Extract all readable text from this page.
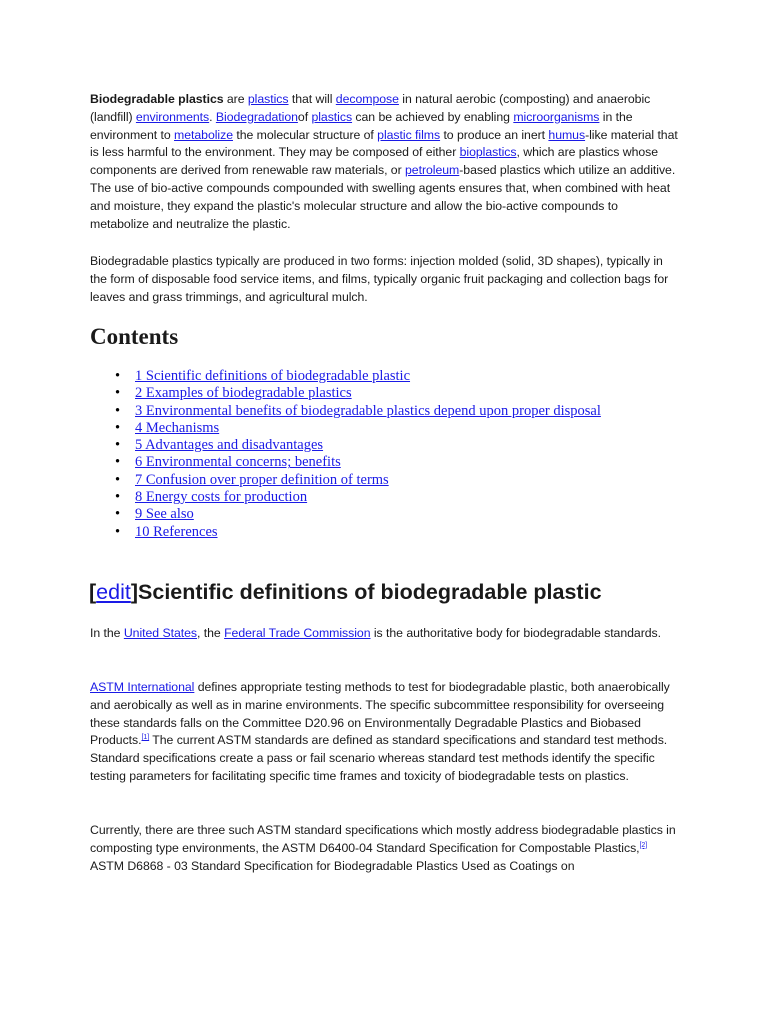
Biodegradable plastics are plastics that will decompose in natural aerobic (composting) and anaerobic (landfill) environments. Biodegradationof plastics can be achieved by enabling microorganisms in the environment to metabolize the molecular structure of plastic films to produce an inert humus-like material that is less harmful to the environment. They may be composed of either bioplastics, which are plastics whose components are derived from renewable raw materials, or petroleum-based plastics which utilize an additive. The use of bio-active compounds compounded with swelling agents ensures that, when combined with heat and moisture, they expand the plastic's molecular structure and allow the bio-active compounds to metabolize and neutralize the plastic.

Biodegradable plastics typically are produced in two forms: injection molded (solid, 3D shapes), typically in the form of disposable food service items, and films, typically organic fruit packaging and collection bags for leaves and grass trimmings, and agricultural mulch.

Contents
• 1 Scientific definitions of biodegradable plastic
• 2 Examples of biodegradable plastics
• 3 Environmental benefits of biodegradable plastics depend upon proper disposal
• 4 Mechanisms
• 5 Advantages and disadvantages
• 6 Environmental concerns; benefits
• 7 Confusion over proper definition of terms
• 8 Energy costs for production
• 9 See also
• 10 References
[edit]Scientific definitions of biodegradable plastic

In the United States, the Federal Trade Commission is the authoritative body for biodegradable standards.

ASTM International defines appropriate testing methods to test for biodegradable plastic, both anaerobically and aerobically as well as in marine environments. The specific subcommittee responsibility for overseeing these standards falls on the Committee D20.96 on Environmentally Degradable Plastics and Biobased Products.[1] The current ASTM standards are defined as standard specifications and standard test methods. Standard specifications create a pass or fail scenario whereas standard test methods identify the specific testing parameters for facilitating specific time frames and toxicity of biodegradable tests on plastics.

Currently, there are three such ASTM standard specifications which mostly address biodegradable plastics in composting type environments, the ASTM D6400-04 Standard Specification for Compostable Plastics,[2] ASTM D6868 - 03 Standard Specification for Biodegradable Plastics Used as Coatings on
